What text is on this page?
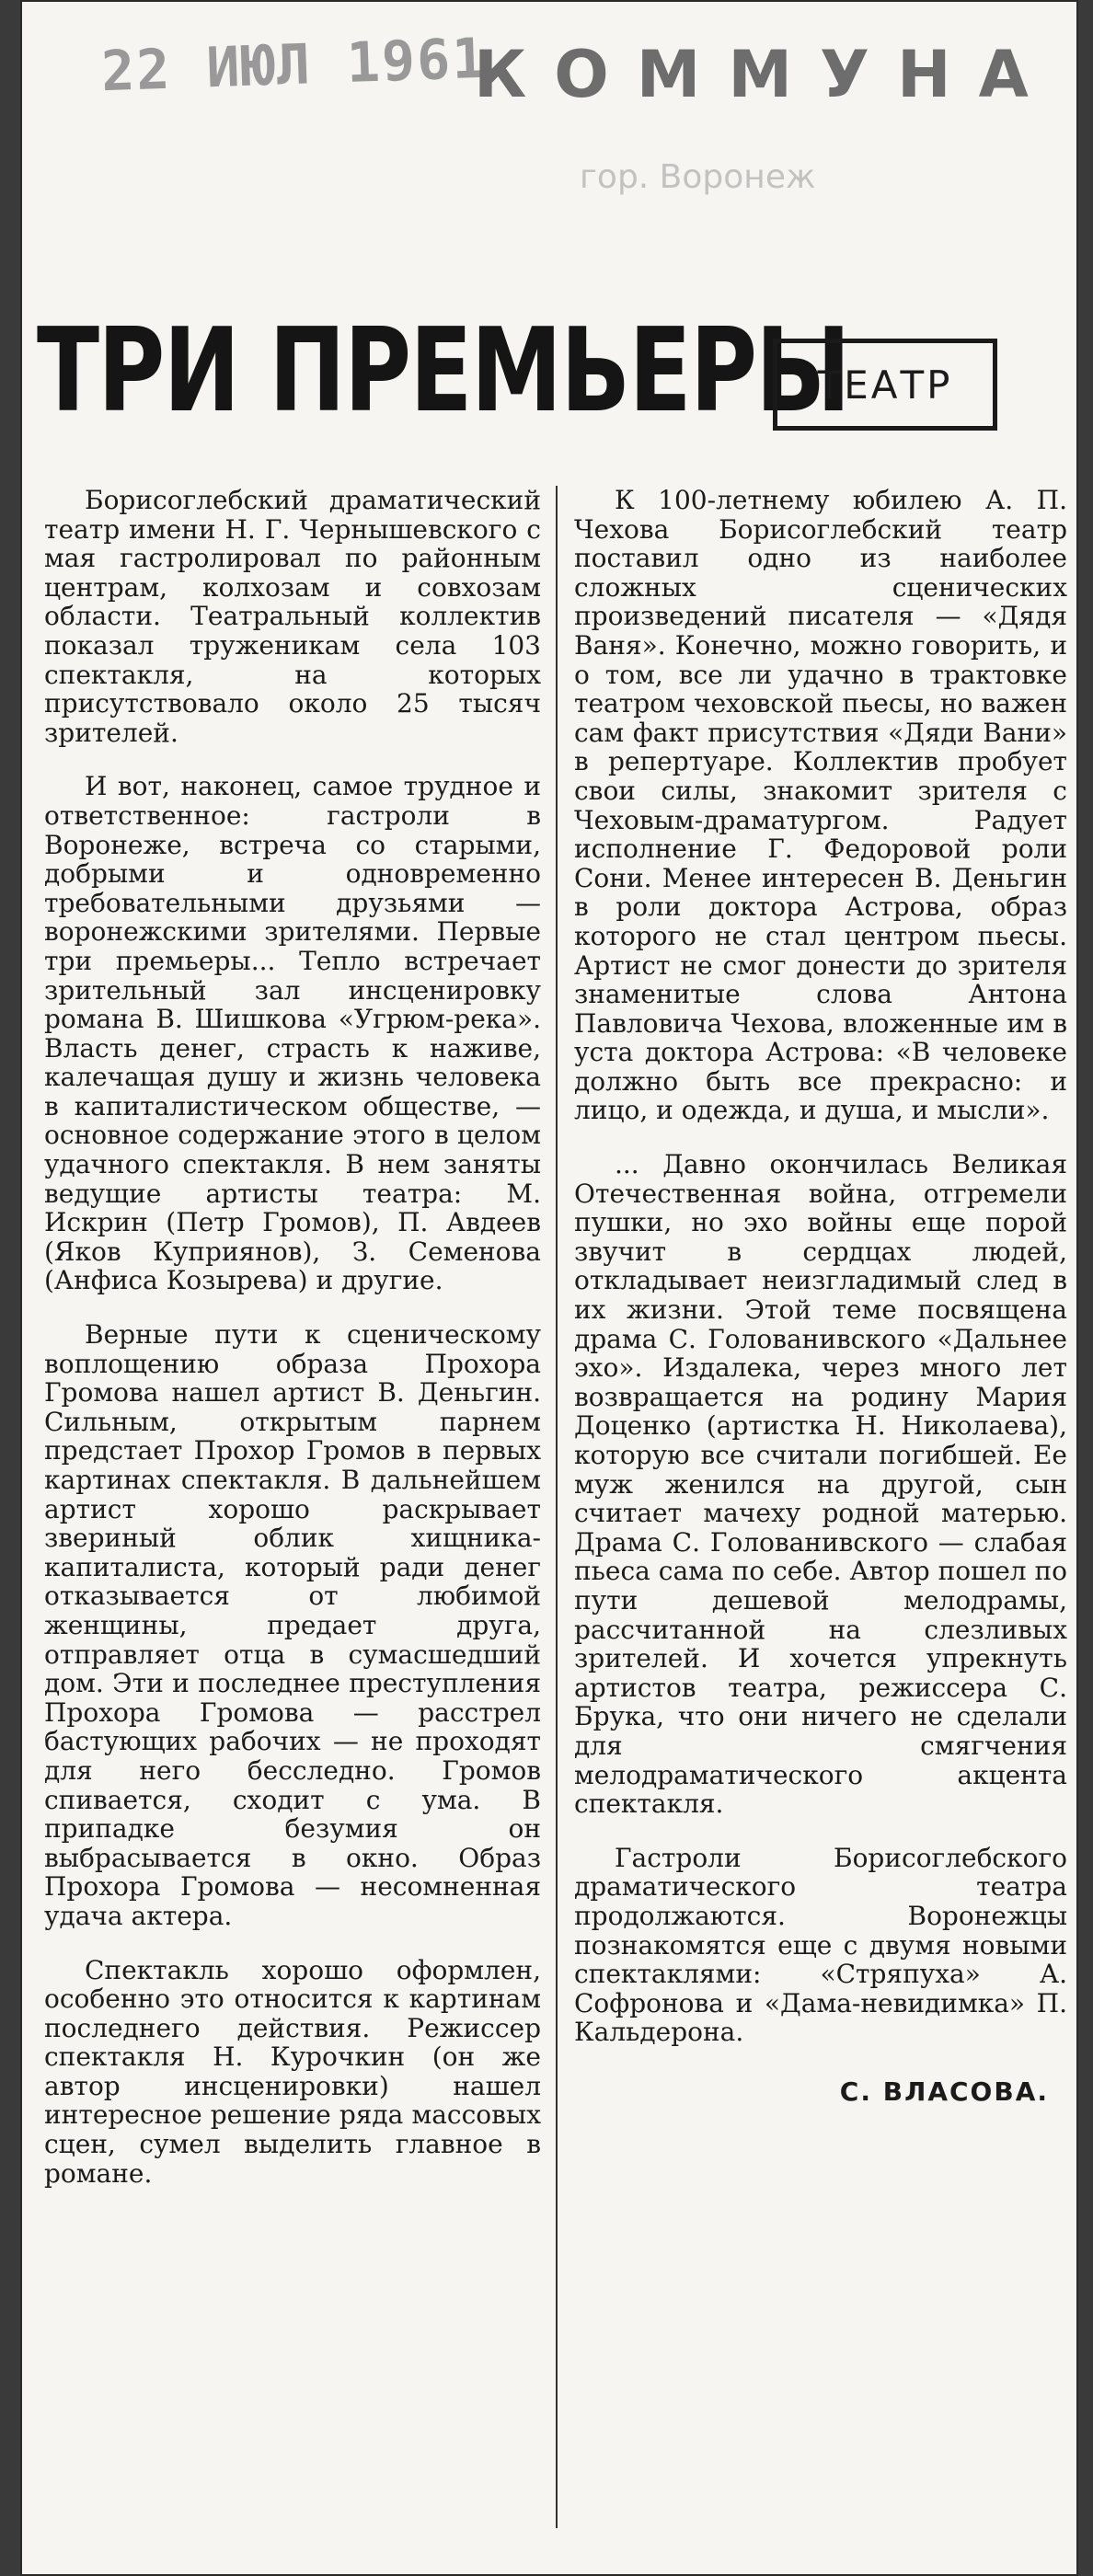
22 ИЮЛ 1961
КОММУНА
гор. Воронеж
ТРИ ПРЕМЬЕРЫ
ТЕАТР

Борисоглебский драматический театр имени Н. Г. Чернышевского с мая гастролировал по районным центрам, колхозам и совхозам области. Театральный коллектив показал труженикам села 103 спектакля, на которых присутствовало около 25 тысяч зрителей.

И вот, наконец, самое трудное и ответственное: гастроли в Воронеже, встреча со старыми, добрыми и одновременно требовательными друзьями — воронежскими зрителями. Первые три премьеры... Тепло встречает зрительный зал инсценировку романа В. Шишкова «Угрюм-река». Власть денег, страсть к наживе, калечащая душу и жизнь человека в капиталистическом обществе, — основное содержание этого в целом удачного спектакля. В нем заняты ведущие артисты театра: М. Искрин (Петр Громов), П. Авдеев (Яков Куприянов), З. Семенова (Анфиса Козырева) и другие.

Верные пути к сценическому воплощению образа Прохора Громова нашел артист В. Деньгин. Сильным, открытым парнем предстает Прохор Громов в первых картинах спектакля. В дальнейшем артист хорошо раскрывает звериный облик хищника-капиталиста, который ради денег отказывается от любимой женщины, предает друга, отправляет отца в сумасшедший дом. Эти и последнее преступления Прохора Громова — расстрел бастующих рабочих — не проходят для него бесследно. Громов спивается, сходит с ума. В припадке безумия он выбрасывается в окно. Образ Прохора Громова — несомненная удача актера.

Спектакль хорошо оформлен, особенно это относится к картинам последнего действия. Режиссер спектакля Н. Курочкин (он же автор инсценировки) нашел интересное решение ряда массовых сцен, сумел выделить главное в романе.

К 100-летнему юбилею А. П. Чехова Борисоглебский театр поставил одно из наиболее сложных сценических произведений писателя — «Дядя Ваня». Конечно, можно говорить, и о том, все ли удачно в трактовке театром чеховской пьесы, но важен сам факт присутствия «Дяди Вани» в репертуаре. Коллектив пробует свои силы, знакомит зрителя с Чеховым-драматургом. Радует исполнение Г. Федоровой роли Сони. Менее интересен В. Деньгин в роли доктора Астрова, образ которого не стал центром пьесы. Артист не смог донести до зрителя знаменитые слова Антона Павловича Чехова, вложенные им в уста доктора Астрова: «В человеке должно быть все прекрасно: и лицо, и одежда, и душа, и мысли».

... Давно окончилась Великая Отечественная война, отгремели пушки, но эхо войны еще порой звучит в сердцах людей, откладывает неизгладимый след в их жизни. Этой теме посвящена драма С. Голованивского «Дальнее эхо». Издалека, через много лет возвращается на родину Мария Доценко (артистка Н. Николаева), которую все считали погибшей. Ее муж женился на другой, сын считает мачеху родной матерью. Драма С. Голованивского — слабая пьеса сама по себе. Автор пошел по пути дешевой мелодрамы, рассчитанной на слезливых зрителей. И хочется упрекнуть артистов театра, режиссера С. Брука, что они ничего не сделали для смягчения мелодраматического акцента спектакля.

Гастроли Борисоглебского драматического театра продолжаются. Воронежцы познакомятся еще с двумя новыми спектаклями: «Стряпуха» А. Софронова и «Дама-невидимка» П. Кальдерона.

С. ВЛАСОВА.
